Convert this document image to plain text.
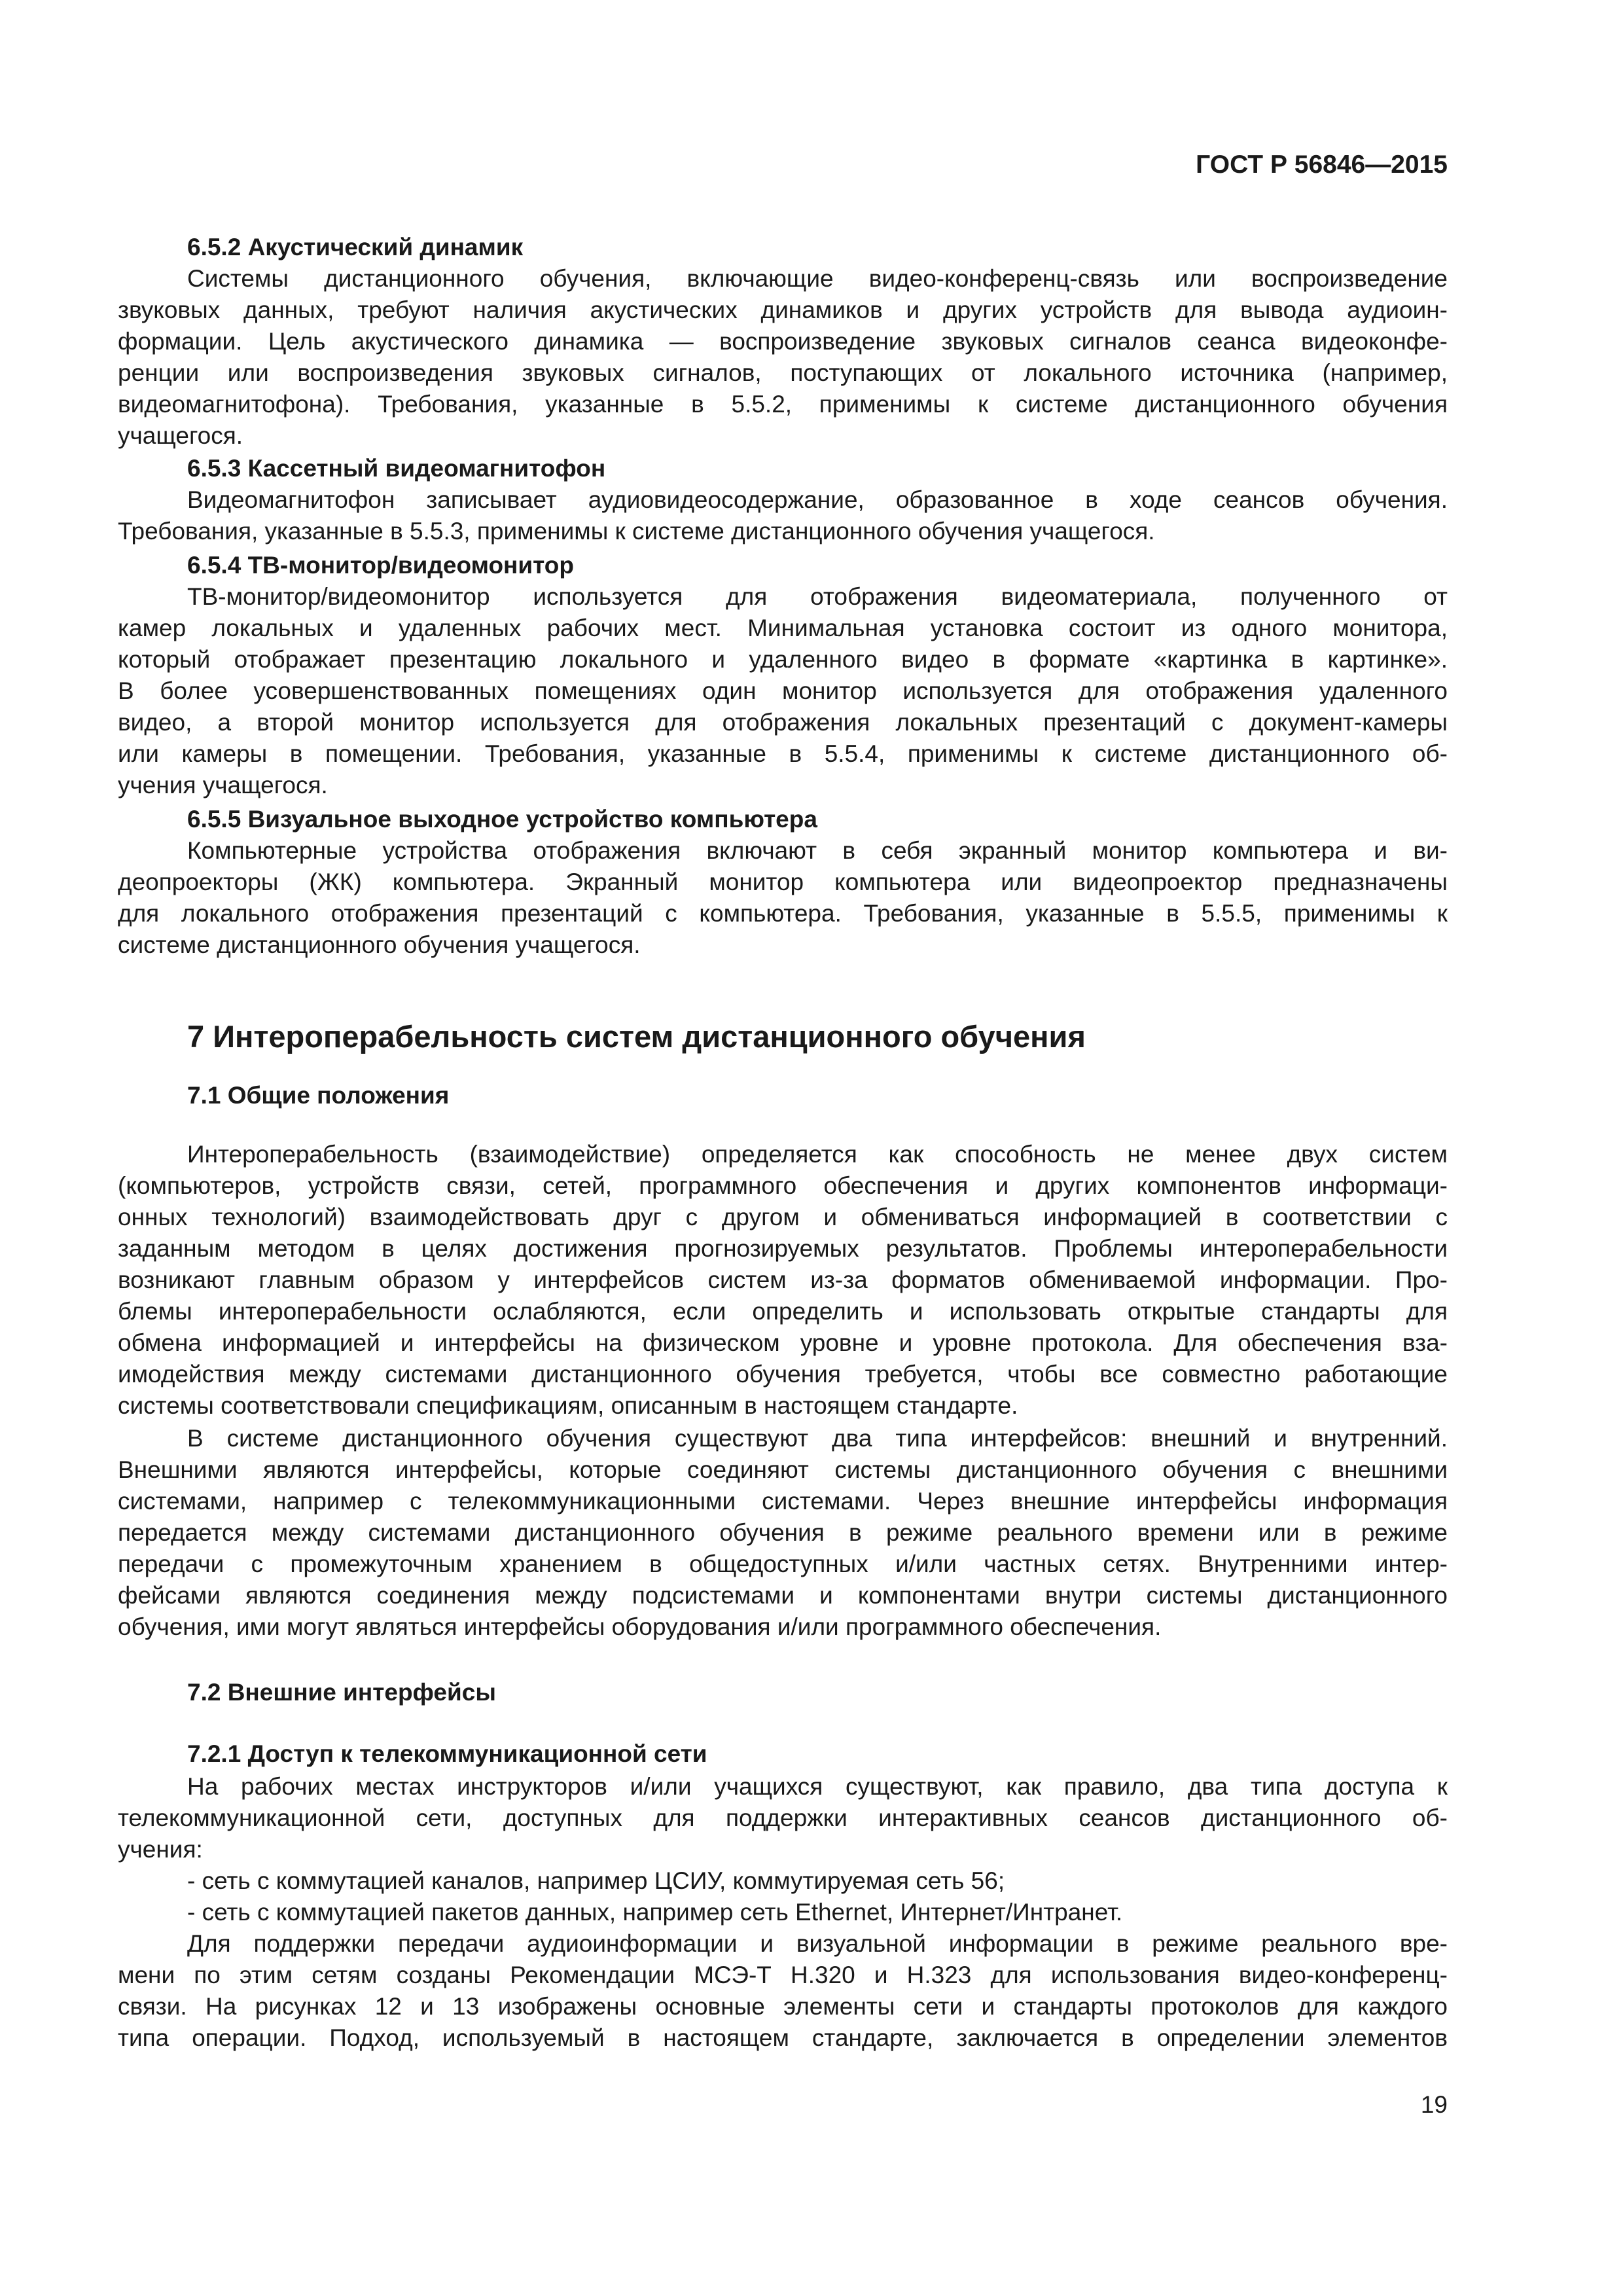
ГОСТ Р 56846—2015
6.5.2 Акустический динамик
Системы дистанционного обучения, включающие видео-конференц-связь или воспроизведение
звуковых данных, требуют наличия акустических динамиков и других устройств для вывода аудиоин-
формации. Цель акустического динамика — воспроизведение звуковых сигналов сеанса видеоконфе-
ренции или воспроизведения звуковых сигналов, поступающих от локального источника (например,
видеомагнитофона). Требования, указанные в 5.5.2, применимы к системе дистанционного обучения
учащегося.
6.5.3 Кассетный видеомагнитофон
Видеомагнитофон записывает аудиовидеосодержание, образованное в ходе сеансов обучения.
Требования, указанные в 5.5.3, применимы к системе дистанционного обучения учащегося.
6.5.4 ТВ-монитор/видеомонитор
ТВ-монитор/видеомонитор используется для отображения видеоматериала, полученного от
камер локальных и удаленных рабочих мест. Минимальная установка состоит из одного монитора,
который отображает презентацию локального и удаленного видео в формате «картинка в картинке».
В более усовершенствованных помещениях один монитор используется для отображения удаленного
видео, а второй монитор используется для отображения локальных презентаций с документ-камеры
или камеры в помещении. Требования, указанные в 5.5.4, применимы к системе дистанционного об-
учения учащегося.
6.5.5 Визуальное выходное устройство компьютера
Компьютерные устройства отображения включают в себя экранный монитор компьютера и ви-
деопроекторы (ЖК) компьютера. Экранный монитор компьютера или видеопроектор предназначены
для локального отображения презентаций с компьютера. Требования, указанные в 5.5.5, применимы к
системе дистанционного обучения учащегося.
7 Интероперабельность систем дистанционного обучения
7.1 Общие положения
Интероперабельность (взаимодействие) определяется как способность не менее двух систем
(компьютеров, устройств связи, сетей, программного обеспечения и других компонентов информаци-
онных технологий) взаимодействовать друг с другом и обмениваться информацией в соответствии с
заданным методом в целях достижения прогнозируемых результатов. Проблемы интероперабельности
возникают главным образом у интерфейсов систем из-за форматов обмениваемой информации. Про-
блемы интероперабельности ослабляются, если определить и использовать открытые стандарты для
обмена информацией и интерфейсы на физическом уровне и уровне протокола. Для обеспечения вза-
имодействия между системами дистанционного обучения требуется, чтобы все совместно работающие
системы соответствовали спецификациям, описанным в настоящем стандарте.
В системе дистанционного обучения существуют два типа интерфейсов: внешний и внутренний.
Внешними являются интерфейсы, которые соединяют системы дистанционного обучения с внешними
системами, например с телекоммуникационными системами. Через внешние интерфейсы информация
передается между системами дистанционного обучения в режиме реального времени или в режиме
передачи с промежуточным хранением в общедоступных и/или частных сетях. Внутренними интер-
фейсами являются соединения между подсистемами и компонентами внутри системы дистанционного
обучения, ими могут являться интерфейсы оборудования и/или программного обеспечения.
7.2 Внешние интерфейсы
7.2.1 Доступ к телекоммуникационной сети
На рабочих местах инструкторов и/или учащихся существуют, как правило, два типа доступа к
телекоммуникационной сети, доступных для поддержки интерактивных сеансов дистанционного об-
учения:
- сеть с коммутацией каналов, например ЦСИУ, коммутируемая сеть 56;
- сеть с коммутацией пакетов данных, например сеть Ethernet, Интернет/Интранет.
Для поддержки передачи аудиоинформации и визуальной информации в режиме реального вре-
мени по этим сетям созданы Рекомендации МСЭ-Т H.320 и H.323 для использования видео-конференц-
связи. На рисунках 12 и 13 изображены основные элементы сети и стандарты протоколов для каждого
типа операции. Подход, используемый в настоящем стандарте, заключается в определении элементов
19
